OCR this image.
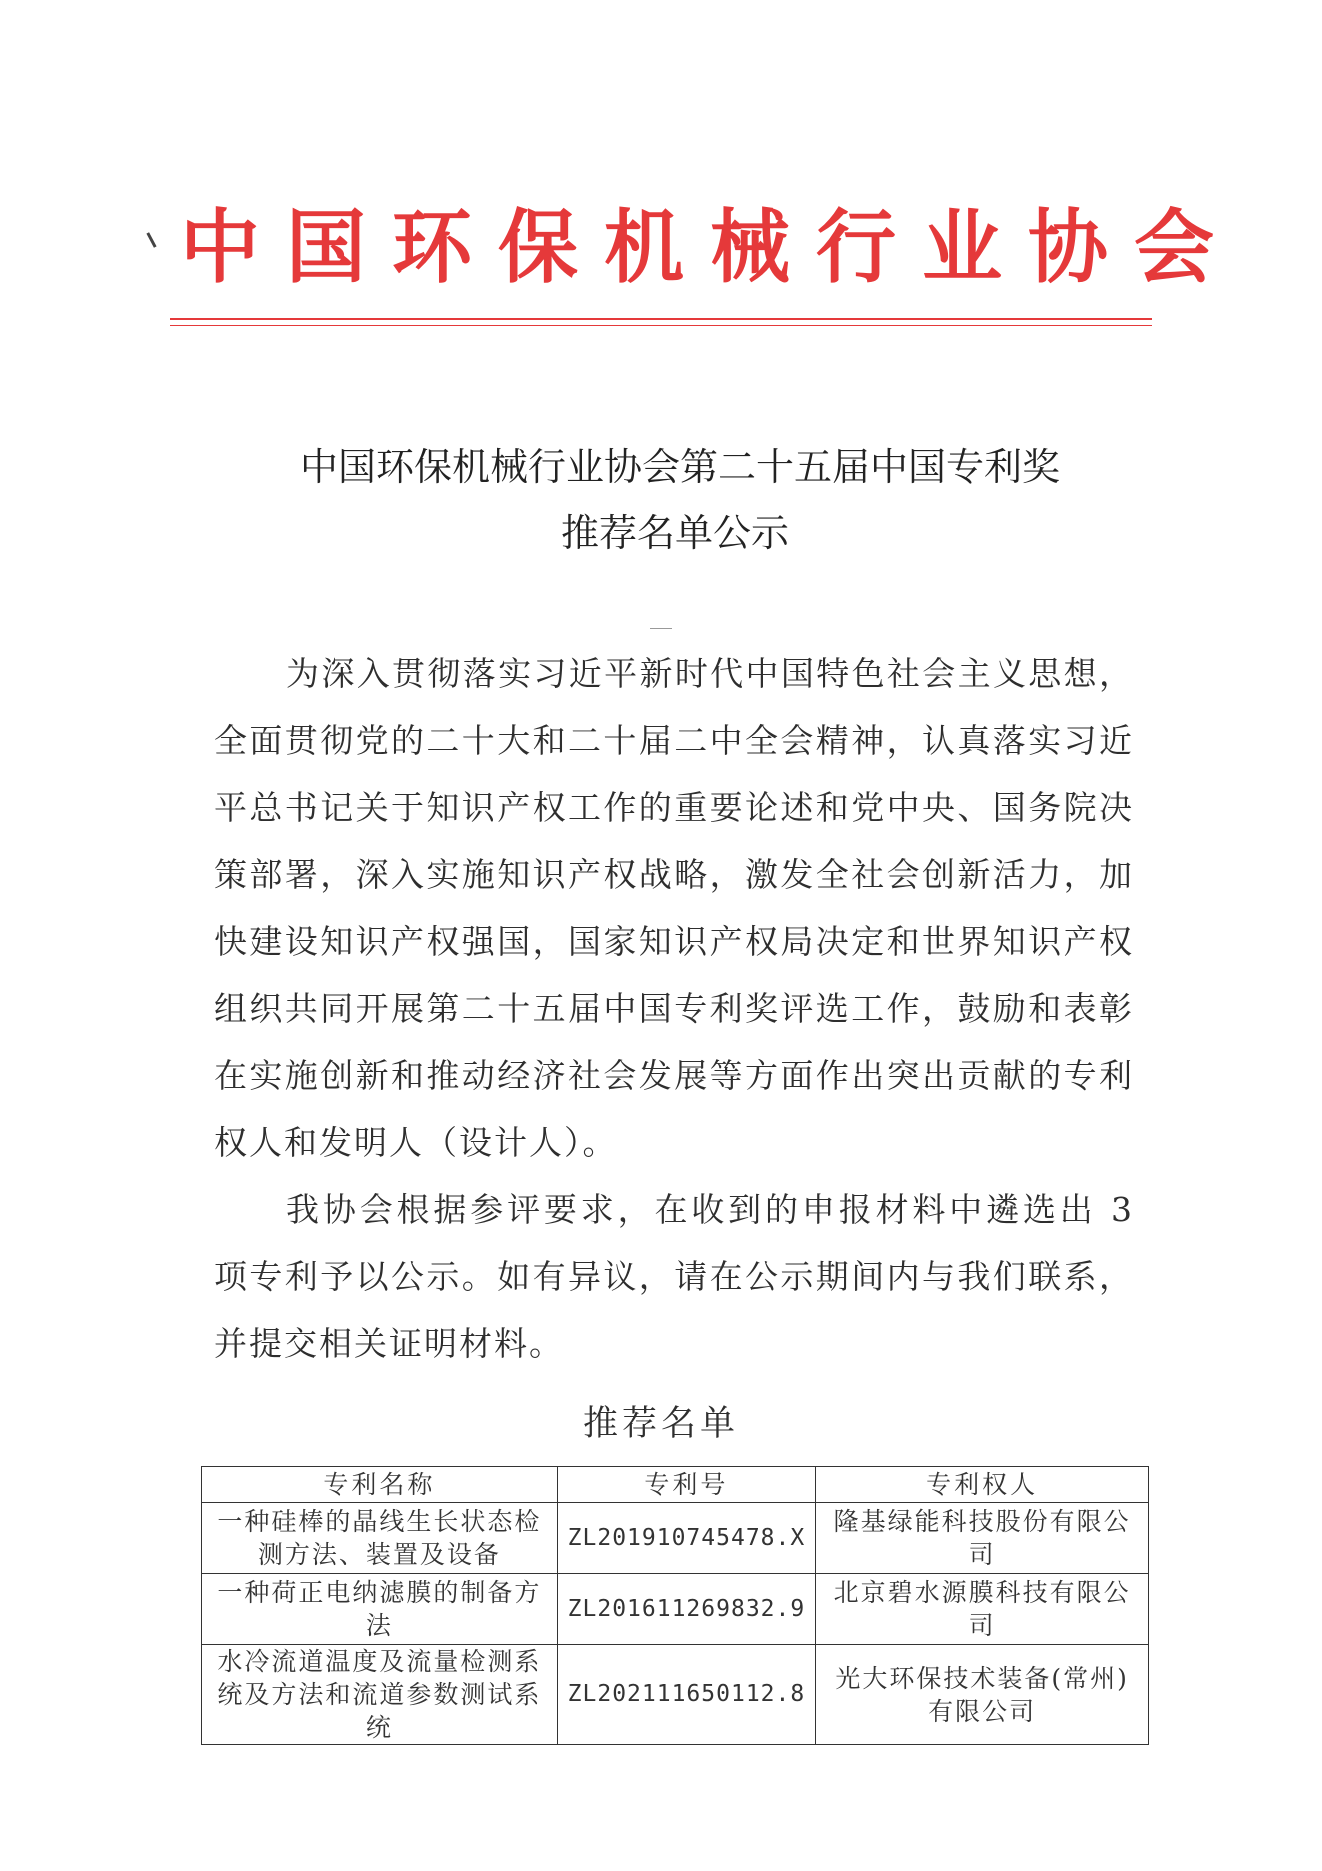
中国环保机械行业协会
中国环保机械行业协会第二十五届中国专利奖
推荐名单公示

为深入贯彻落实习近平新时代中国特色社会主义思想，全面贯彻党的二十大和二十届二中全会精神，认真落实习近平总书记关于知识产权工作的重要论述和党中央、国务院决策部署，深入实施知识产权战略，激发全社会创新活力，加快建设知识产权强国，国家知识产权局决定和世界知识产权组织共同开展第二十五届中国专利奖评选工作，鼓励和表彰在实施创新和推动经济社会发展等方面作出突出贡献的专利权人和发明人（设计人）。

我协会根据参评要求，在收到的申报材料中遴选出 3 项专利予以公示。如有异议，请在公示期间内与我们联系，并提交相关证明材料。

推荐名单
专利名称	专利号	专利权人
一种硅棒的晶线生长状态检测方法、装置及设备	ZL201910745478.X	隆基绿能科技股份有限公司
一种荷正电纳滤膜的制备方法	ZL201611269832.9	北京碧水源膜科技有限公司
水冷流道温度及流量检测系统及方法和流道参数测试系统	ZL202111650112.8	光大环保技术装备(常州)有限公司
